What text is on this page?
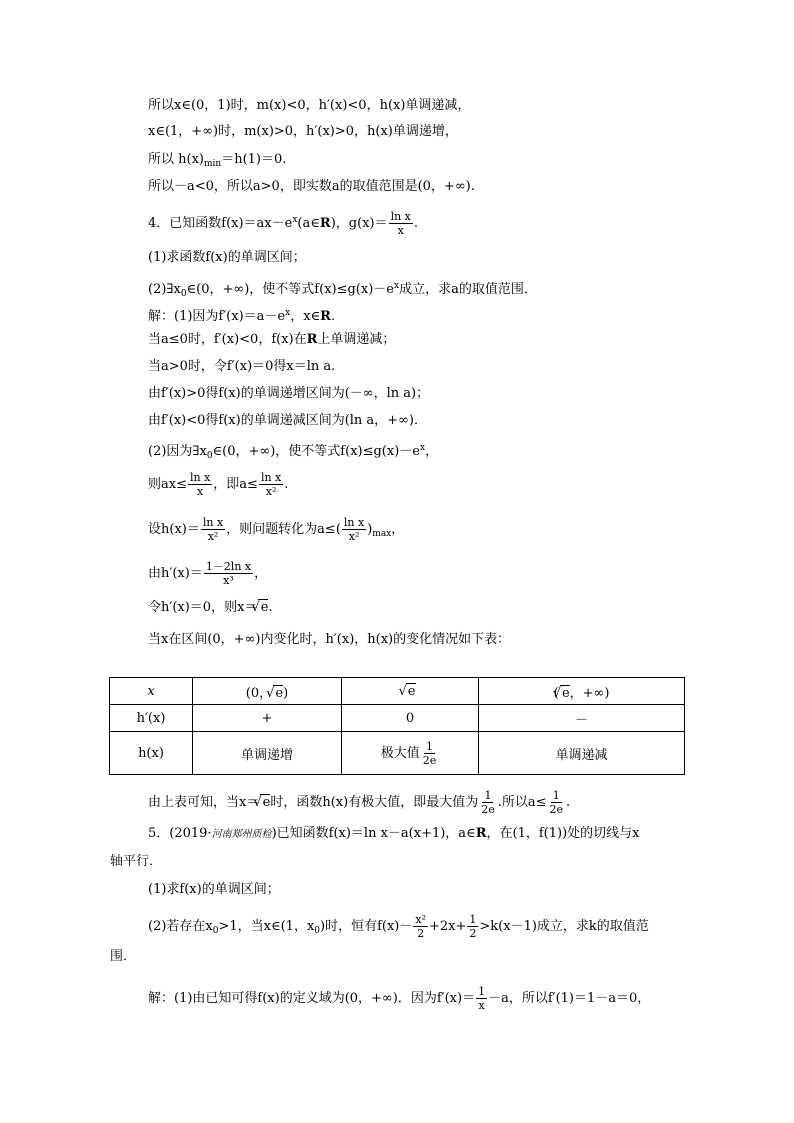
所以x∈(0，1)时，m(x)<0，h′(x)<0，h(x)单调递减，
x∈(1，+∞)时，m(x)>0，h′(x)>0，h(x)单调递增，
所以 $h(x)_{min}=h(1)=0$.
所以－a<0，所以a>0，即实数a的取值范围是(0，+∞).
4．已知函数$f(x)=ax-e^x(a\in R)$，$g(x)= \frac{\text{ln x}}{x}$ .
(1)求函数f(x)的单调区间；
$(2)\exists x_0\in(0$，+∞)，使不等式$f(x)\le g(x)-e^x$成立，求a的取值范围．
解：(1)因为$f'(x)=a-e^x$，x∈R.
当a≤0时，f′(x)<0，f(x)在R上单调递减；
当a>0时，令f′(x)＝0得x＝ln a.
由f′(x)>0得f(x)的单调递增区间为(－∞，ln a)；
由f′(x)<0得f(x)的单调递减区间为(ln a，+∞)．
(2)因为$\exists x_0\in(0$，+∞)，使不等式$f(x)\le g(x)-e^x$，
则$ax\le \frac{\text{ln x}}{x}$ ，即$a\le \frac{\text{ln x}}{\text{x²}}$ .
设$h(x)= \frac{\text{ln x}}{\text{x²}}$ ，则问题转化为$a\le( \frac{\text{ln x}}{\text{x²}} )_{max}$，
由$h'(x)= \frac{\text{1－2ln x}}{\text{x³}}$ ，
令h′(x)＝0，则x＝ √ e.
当x在区间(0，+∞)内变化时，h′(x)，h(x)的变化情况如下表：
x	(0， √ e)	√ e	( √ e，+∞)
h′(x)	+	0	－
h(x)	单调递增	极大值 $\frac{1}{2e}$	单调递减
由上表可知，当x＝ √ e时，函数h(x)有极大值，即最大值为 $\frac{1}{2e}$ .所以$a\le \frac{1}{2e}$ .
5．(2019·河南郑州质检)已知函数f(x)＝ln x－a(x+1)，a∈R，在(1，f(1))处的切线与x
轴平行．
(1)求f(x)的单调区间；
(2)若存在$x_0>1$，当x∈(1，$x_0$)时，恒有$f(x)- \frac{\text{x²}}{2} +2x+ \frac{1}{2} >k(x-1)$成立，求k的取值范
围．
解：(1)由已知可得f(x)的定义域为(0，+∞)．因为$f'(x)= \frac{1}{x} -a$，所以f′(1)＝1－a＝0，
